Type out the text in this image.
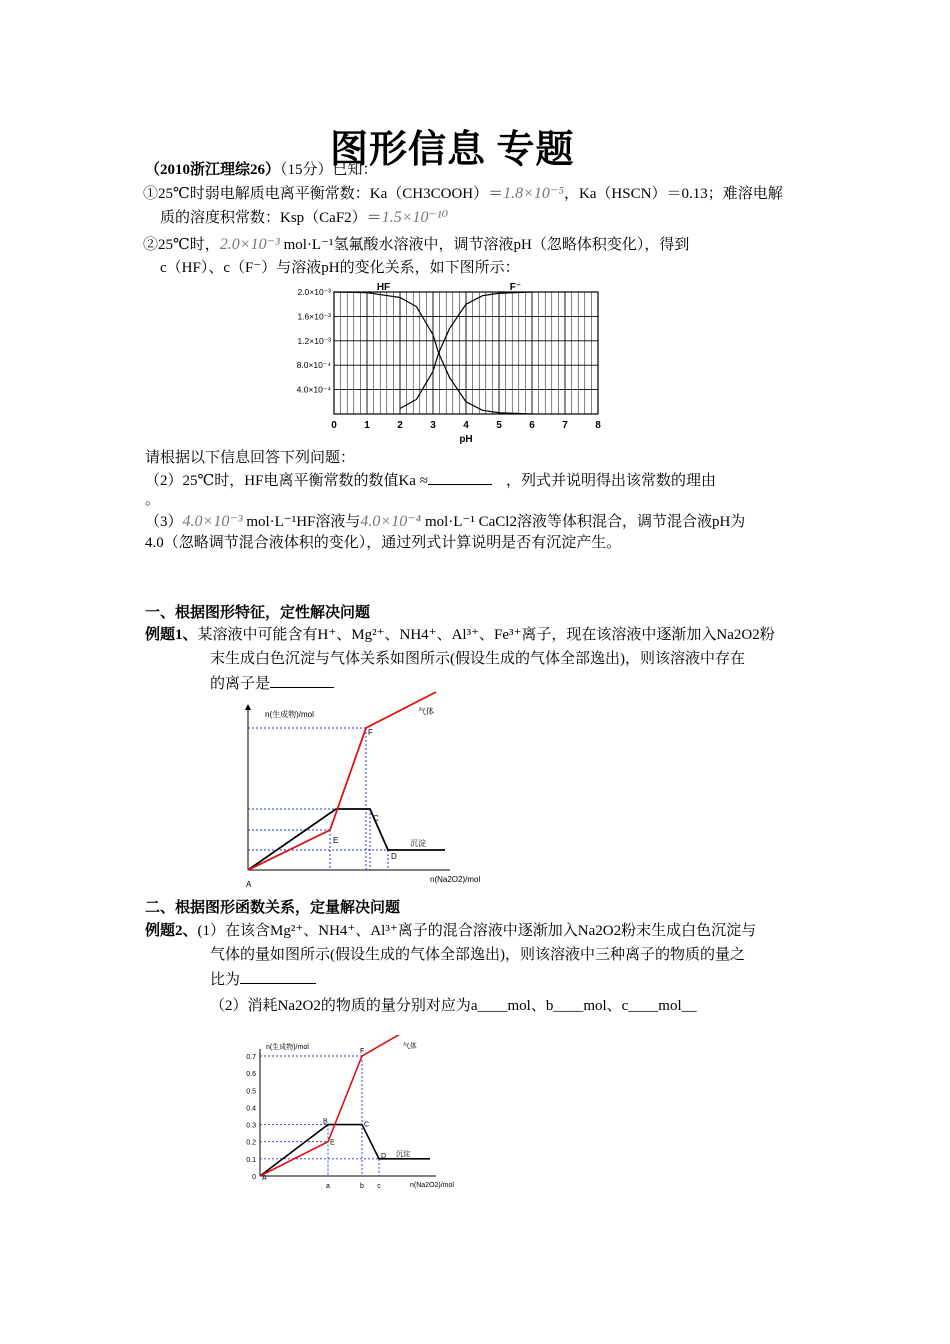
图形信息 专题
（2010浙江理综26）（15分）已知：
①25℃时弱电解质电离平衡常数：Ka（CH3COOH）＝1.8×10⁻⁵，Ka（HSCN）＝0.13；难溶电解
质的溶度积常数：Ksp（CaF2）＝1.5×10⁻¹⁰
②25℃时，2.0×10⁻³ mol·L⁻¹氢氟酸水溶液中，调节溶液pH（忽略体积变化），得到
c（HF）、c（F⁻）与溶液pH的变化关系，如下图所示：
0	1	2	3	4	5	6	7	8
4.0×10⁻⁴
8.0×10⁻⁴
1.2×10⁻³
1.6×10⁻³
2.0×10⁻³
pH
HF	F⁻
请根据以下信息回答下列问题：
（2）25℃时，HF电离平衡常数的数值Ka ≈	，列式并说明得出该常数的理由
。
（3）4.0×10⁻³ mol·L⁻¹HF溶液与4.0×10⁻⁴ mol·L⁻¹ CaCl2溶液等体积混合，调节混合液pH为
4.0（忽略调节混合液体积的变化），通过列式计算说明是否有沉淀产生。
一、根据图形特征，定性解决问题
例题1、某溶液中可能含有H⁺、Mg²⁺、NH4⁺、Al³⁺、Fe³⁺离子，现在该溶液中逐渐加入Na2O2粉
末生成白色沉淀与气体关系如图所示(假设生成的气体全部逸出)，则该溶液中存在
的离子是
n(生成物)/mol
n(Na2O2)/mol
气体
沉淀
A
E
F
C
D
二、根据图形函数关系，定量解决问题
例题2、(1）在该含Mg²⁺、NH4⁺、Al³⁺离子的混合溶液中逐渐加入Na2O2粉末生成白色沉淀与
气体的量如图所示(假设生成的气体全部逸出)，则该溶液中三种离子的物质的量之
比为
（2）消耗Na2O2的物质的量分别对应为a____mol、b____mol、c____mol__
n(生成物)/mol
n(Na2O2)/mol
0
0.1
0.2
0.3
0.4
0.5
0.6
0.7
气体
沉淀
a	b c
A
B	C
D
E
F
